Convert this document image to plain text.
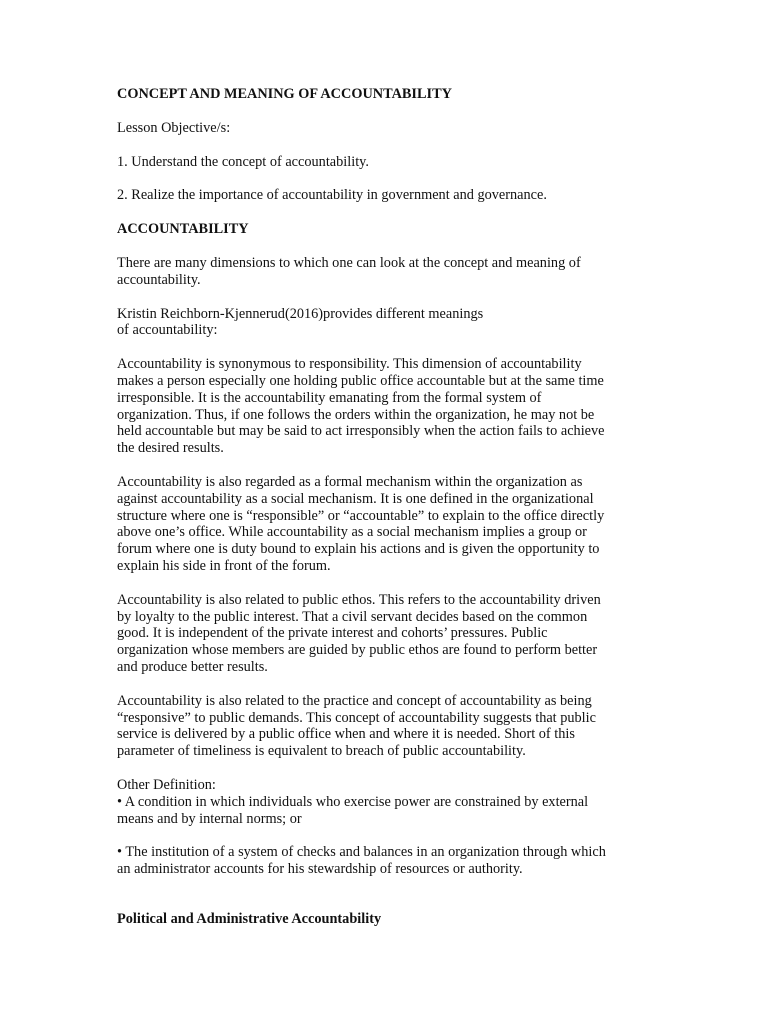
CONCEPT AND MEANING OF ACCOUNTABILITY

Lesson Objective/s:

1. Understand the concept of accountability.

2. Realize the importance of accountability in government and governance.

ACCOUNTABILITY

There are many dimensions to which one can look at the concept and meaning of
accountability.

Kristin Reichborn-Kjennerud(2016)provides different meanings
of accountability:

Accountability is synonymous to responsibility. This dimension of accountability
makes a person especially one holding public office accountable but at the same time
irresponsible. It is the accountability emanating from the formal system of
organization. Thus, if one follows the orders within the organization, he may not be
held accountable but may be said to act irresponsibly when the action fails to achieve
the desired results.

Accountability is also regarded as a formal mechanism within the organization as
against accountability as a social mechanism. It is one defined in the organizational
structure where one is “responsible” or “accountable” to explain to the office directly
above one’s office. While accountability as a social mechanism implies a group or
forum where one is duty bound to explain his actions and is given the opportunity to
explain his side in front of the forum.

Accountability is also related to public ethos. This refers to the accountability driven
by loyalty to the public interest. That a civil servant decides based on the common
good. It is independent of the private interest and cohorts’ pressures. Public
organization whose members are guided by public ethos are found to perform better
and produce better results.

Accountability is also related to the practice and concept of accountability as being
“responsive” to public demands. This concept of accountability suggests that public
service is delivered by a public office when and where it is needed. Short of this
parameter of timeliness is equivalent to breach of public accountability.

Other Definition:

• A condition in which individuals who exercise power are constrained by external
means and by internal norms; or

• The institution of a system of checks and balances in an organization through which
an administrator accounts for his stewardship of resources or authority.

Political and Administrative Accountability
